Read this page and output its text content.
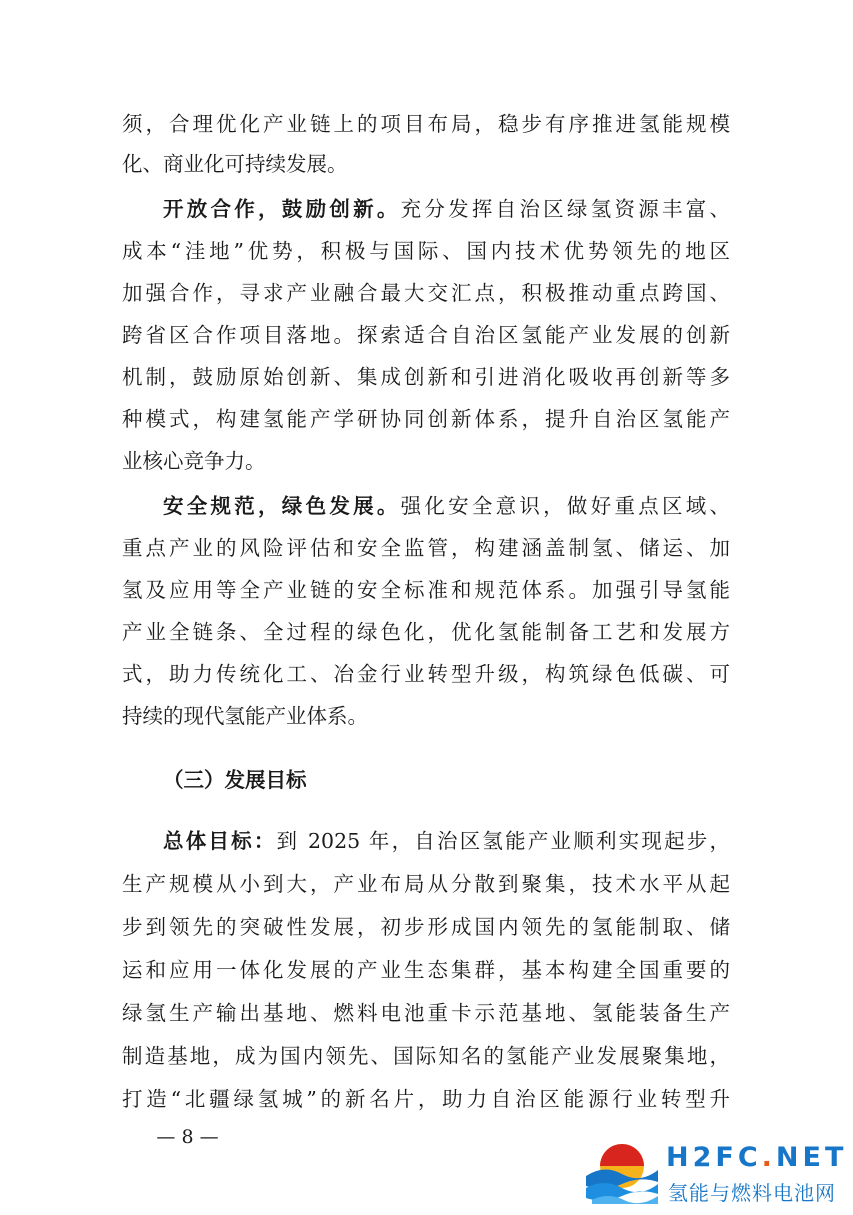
须，合理优化产业链上的项目布局，稳步有序推进氢能规模
化、商业化可持续发展。
开放合作，鼓励创新。充分发挥自治区绿氢资源丰富、
成本“洼地”优势，积极与国际、国内技术优势领先的地区
加强合作，寻求产业融合最大交汇点，积极推动重点跨国、
跨省区合作项目落地。探索适合自治区氢能产业发展的创新
机制，鼓励原始创新、集成创新和引进消化吸收再创新等多
种模式，构建氢能产学研协同创新体系，提升自治区氢能产
业核心竞争力。
安全规范，绿色发展。强化安全意识，做好重点区域、
重点产业的风险评估和安全监管，构建涵盖制氢、储运、加
氢及应用等全产业链的安全标准和规范体系。加强引导氢能
产业全链条、全过程的绿色化，优化氢能制备工艺和发展方
式，助力传统化工、冶金行业转型升级，构筑绿色低碳、可
持续的现代氢能产业体系。
（三）发展目标
总体目标：到 2025 年，自治区氢能产业顺利实现起步，
生产规模从小到大，产业布局从分散到聚集，技术水平从起
步到领先的突破性发展，初步形成国内领先的氢能制取、储
运和应用一体化发展的产业生态集群，基本构建全国重要的
绿氢生产输出基地、燃料电池重卡示范基地、氢能装备生产
制造基地，成为国内领先、国际知名的氢能产业发展聚集地，
打造“北疆绿氢城”的新名片，助力自治区能源行业转型升
— 8 —
H2FC.NET
氢能与燃料电池网
